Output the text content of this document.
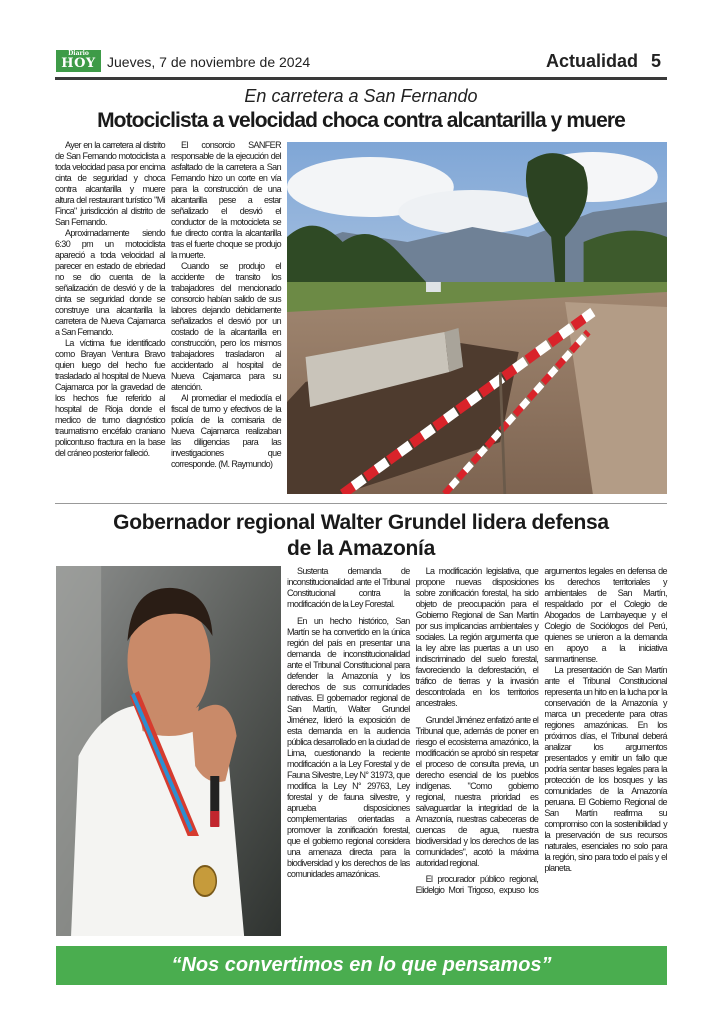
Diario
HOY Jueves, 7 de noviembre de 2024	Actualidad 5
En carretera a San Fernando
Motociclista a velocidad choca contra alcantarilla y muere

Ayer en la carretera al distrito de San Fernando motociclista a toda velocidad pasa por encima cinta de seguridad y choca contra alcantarilla y muere altura del restaurant turístico "Mi Finca" jurisdicción al distrito de San Fernando.

Aproximadamente siendo 6:30 pm un motociclista apareció a toda velocidad al parecer en estado de ebriedad no se dio cuenta de la señalización de desvió y de la cinta se seguridad donde se construye una alcantarilla la carretera de Nueva Cajamarca a San Fernando.

La víctima fue identificado como Brayan Ventura Bravo quien luego del hecho fue trasladado al hospital de Nueva Cajamarca por la gravedad de los hechos fue referido al hospital de Rioja donde el medico de turno diagnóstico traumatismo encéfalo craniano policontuso fractura en la base del cráneo posterior falleció.

El consorcio SANFER responsable de la ejecución del asfaltado de la carretera a San Fernando hizo un corte en vía para la construcción de una alcantarilla pese a estar señalizado el desvió el conductor de la motocicleta se fue directo contra la alcantarilla tras el fuerte choque se produjo la muerte.

Cuando se produjo el accidente de transito los trabajadores del mencionado consorcio habían salido de sus labores dejando debidamente señalizados el desvió por un costado de la alcantarilla en construcción, pero los mismos trabajadores trasladaron al accidentado al hospital de Nueva Cajamarca para su atención.

Al promediar el mediodía el fiscal de turno y efectivos de la policía de la comisaria de Nueva Cajamarca realizaban las diligencias para las investigaciones que corresponde. (M. Raymundo)

Gobernador regional Walter Grundel lidera defensa
de la Amazonía

Sustenta demanda de inconstitucionalidad ante el Tribunal Constitucional contra la modificación de la Ley Forestal.

En un hecho histórico, San Martín se ha convertido en la única región del país en presentar una demanda de inconstitucionalidad ante el Tribunal Constitucional para defender la Amazonía y los derechos de sus comunidades nativas. El gobernador regional de San Martín, Walter Grundel Jiménez, lideró la exposición de esta demanda en la audiencia pública desarrollado en la ciudad de Lima, cuestionando la reciente modificación a la Ley Forestal y de Fauna Silvestre, Ley N° 31973, que modifica la Ley N° 29763, Ley forestal y de fauna silvestre, y aprueba disposiciones complementarias orientadas a promover la zonificación forestal, que el gobierno regional considera una amenaza directa para la biodiversidad y los derechos de las comunidades amazónicas.

La modificación legislativa, que propone nuevas disposiciones sobre zonificación forestal, ha sido objeto de preocupación para el Gobierno Regional de San Martín por sus implicancias ambientales y sociales. La región argumenta que la ley abre las puertas a un uso indiscriminado del suelo forestal, favoreciendo la deforestación, el tráfico de tierras y la invasión descontrolada en los territorios ancestrales.

Grundel Jiménez enfatizó ante el Tribunal que, además de poner en riesgo el ecosistema amazónico, la modificación se aprobó sin respetar el proceso de consulta previa, un derecho esencial de los pueblos indígenas. "Como gobierno regional, nuestra prioridad es salvaguardar la integridad de la Amazonía, nuestras cabeceras de cuencas de agua, nuestra biodiversidad y los derechos de las comunidades", acotó la máxima autoridad regional.

El procurador público regional, Elidelgio Mori Trigoso, expuso los argumentos legales en defensa de los derechos territoriales y ambientales de San Martín, respaldado por el Colegio de Abogados de Lambayeque y el Colegio de Sociólogos del Perú, quienes se unieron a la demanda en apoyo a la iniciativa sanmartinense.

La presentación de San Martín ante el Tribunal Constitucional representa un hito en la lucha por la conservación de la Amazonía y marca un precedente para otras regiones amazónicas. En los próximos días, el Tribunal deberá analizar los argumentos presentados y emitir un fallo que podría sentar bases legales para la protección de los bosques y las comunidades de la Amazonía peruana. El Gobierno Regional de San Martín reafirma su compromiso con la sostenibilidad y la preservación de sus recursos naturales, esenciales no solo para la región, sino para todo el país y el planeta.

“Nos convertimos en lo que pensamos”
